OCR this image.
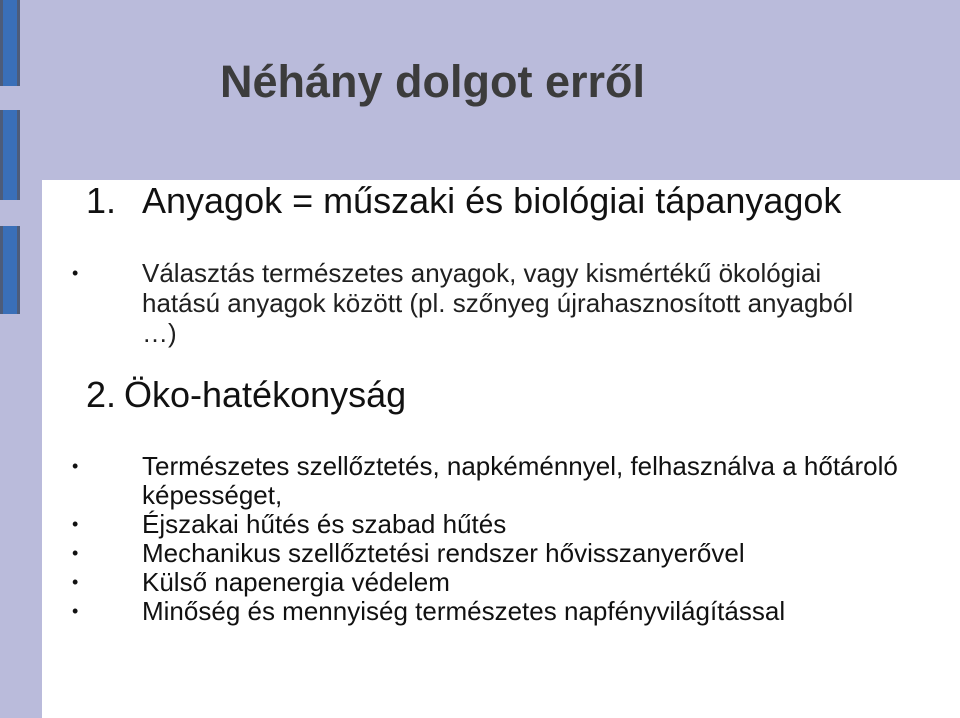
Néhány dolgot erről
1. Anyagok = műszaki és biológiai tápanyagok
•	Választás természetes anyagok, vagy kismértékű ökológiai hatású anyagok között (pl. szőnyeg újrahasznosított anyagból …)
2. Öko-hatékonyság
•	Természetes szellőztetés, napkéménnyel, felhasználva a hőtároló képességet,
•	Éjszakai hűtés és szabad hűtés
•	Mechanikus szellőztetési rendszer hővisszanyerővel
•	Külső napenergia védelem
•	Minőség és mennyiség természetes napfényvilágítással
